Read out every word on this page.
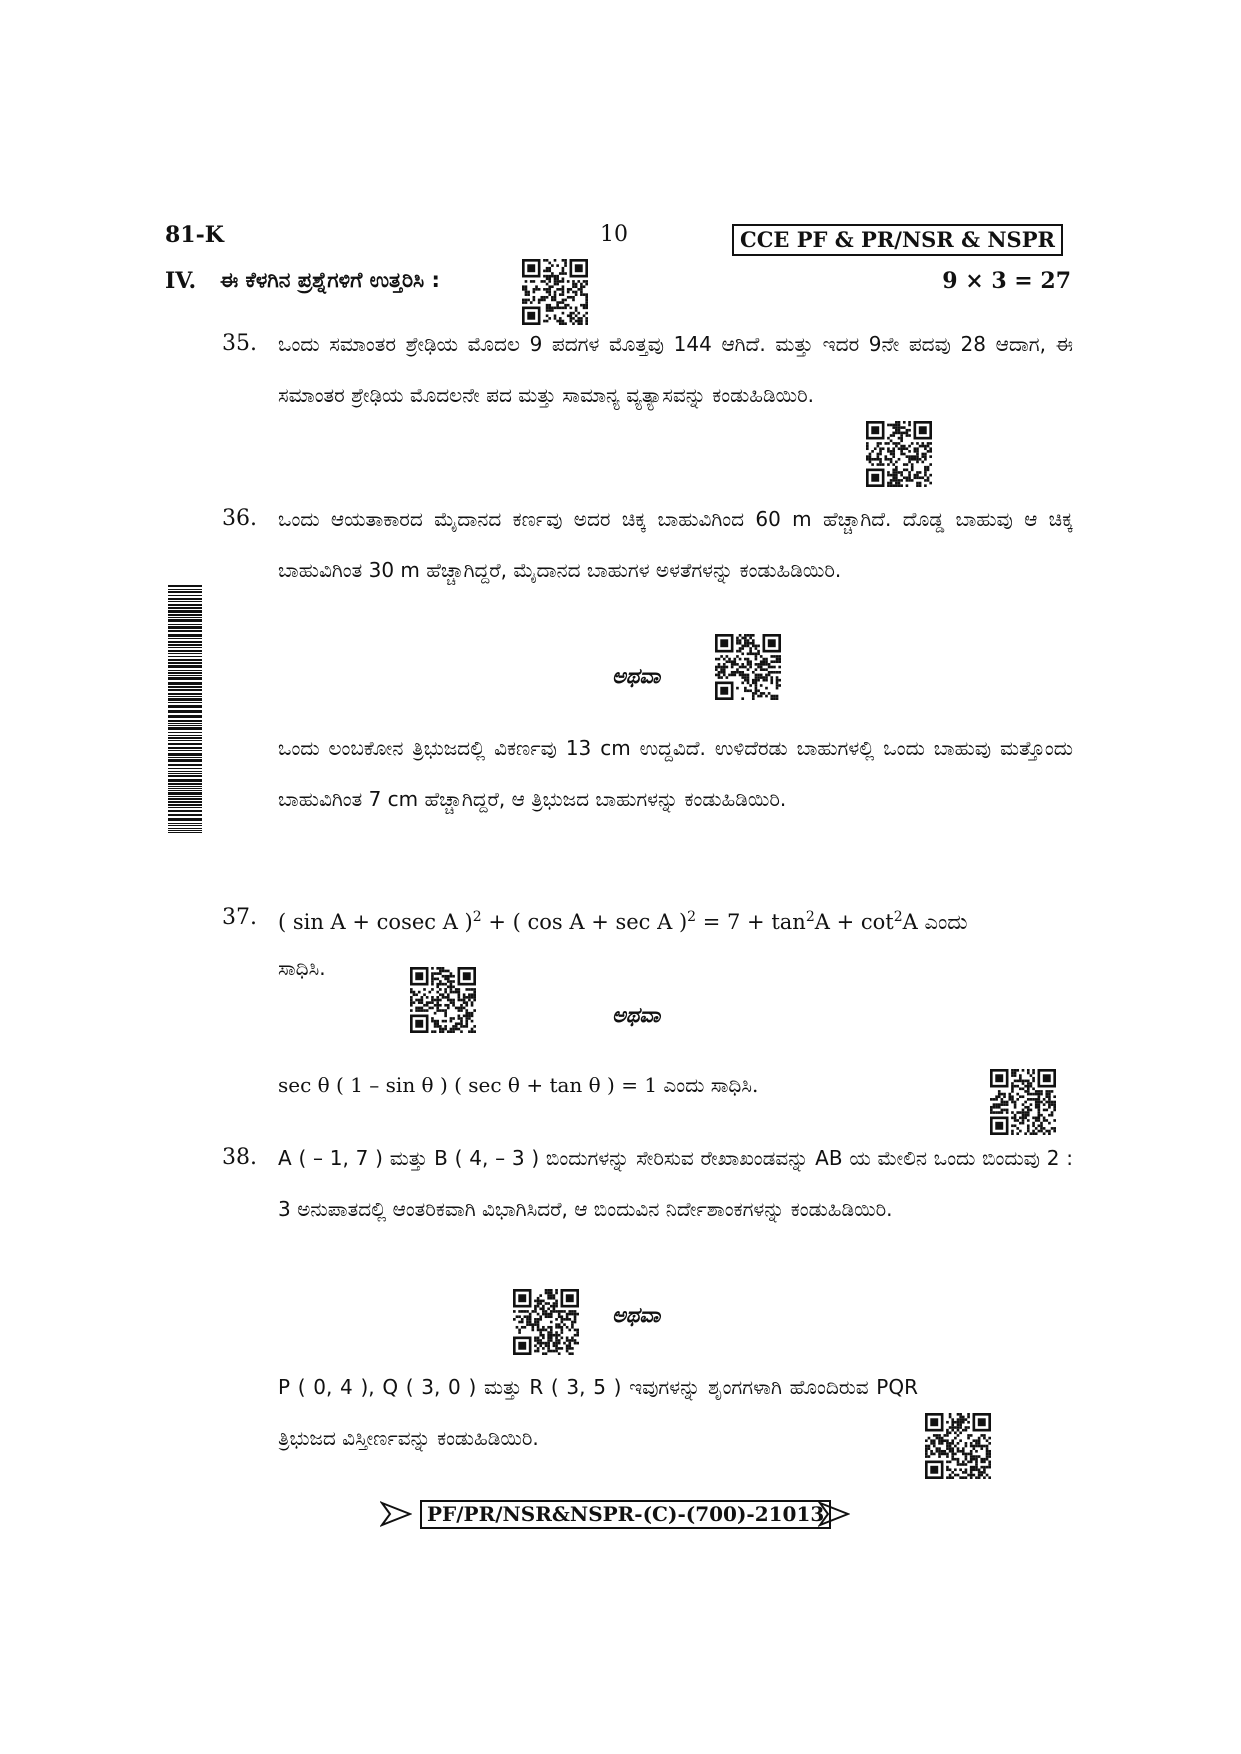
81-K	10	CCE PF & PR/NSR & NSPR
IV. ಈ ಕೆಳಗಿನ ಪ್ರಶ್ನೆಗಳಿಗೆ ಉತ್ತರಿಸಿ :	9 × 3 = 27
35. ಒಂದು ಸಮಾಂತರ ಶ್ರೇಢಿಯ ಮೊದಲ 9 ಪದಗಳ ಮೊತ್ತವು 144 ಆಗಿದೆ. ಮತ್ತು ಇದರ 9ನೇ ಪದವು 28 ಆದಾಗ, ಈ ಸಮಾಂತರ ಶ್ರೇಢಿಯ ಮೊದಲನೇ ಪದ ಮತ್ತು ಸಾಮಾನ್ಯ ವ್ಯತ್ಯಾಸವನ್ನು ಕಂಡುಹಿಡಿಯಿರಿ.
36. ಒಂದು ಆಯತಾಕಾರದ ಮೈದಾನದ ಕರ್ಣವು ಅದರ ಚಿಕ್ಕ ಬಾಹುವಿಗಿಂದ 60 m ಹೆಚ್ಚಾಗಿದೆ. ದೊಡ್ಡ ಬಾಹುವು ಆ ಚಿಕ್ಕ ಬಾಹುವಿಗಿಂತ 30 m ಹೆಚ್ಚಾಗಿದ್ದರೆ, ಮೈದಾನದ ಬಾಹುಗಳ ಅಳತೆಗಳನ್ನು ಕಂಡುಹಿಡಿಯಿರಿ.
ಅಥವಾ
ಒಂದು ಲಂಬಕೋನ ತ್ರಿಭುಜದಲ್ಲಿ ವಿಕರ್ಣವು 13 cm ಉದ್ದವಿದೆ. ಉಳಿದೆರಡು ಬಾಹುಗಳಲ್ಲಿ ಒಂದು ಬಾಹುವು ಮತ್ತೊಂದು ಬಾಹುವಿಗಿಂತ 7 cm ಹೆಚ್ಚಾಗಿದ್ದರೆ, ಆ ತ್ರಿಭುಜದ ಬಾಹುಗಳನ್ನು ಕಂಡುಹಿಡಿಯಿರಿ.
37. ( sin A + cosec A )$^2$ + ( cos A + sec A )$^2 = 7 + \tan^2A + \cot^2A$ ಎಂದು
ಸಾಧಿಸಿ.
ಅಥವಾ
sec θ ( 1 – sin θ ) ( sec θ + tan θ ) = 1 ಎಂದು ಸಾಧಿಸಿ.
38. A ( – 1, 7 ) ಮತ್ತು B ( 4, – 3 ) ಬಿಂದುಗಳನ್ನು ಸೇರಿಸುವ ರೇಖಾಖಂಡವನ್ನು AB ಯ ಮೇಲಿನ ಒಂದು ಬಿಂದುವು 2 : 3 ಅನುಪಾತದಲ್ಲಿ ಆಂತರಿಕವಾಗಿ ವಿಭಾಗಿಸಿದರೆ, ಆ ಬಿಂದುವಿನ ನಿರ್ದೇಶಾಂಕಗಳನ್ನು ಕಂಡುಹಿಡಿಯಿರಿ.
ಅಥವಾ
P ( 0, 4 ), Q ( 3, 0 ) ಮತ್ತು R ( 3, 5 ) ಇವುಗಳನ್ನು ಶೃಂಗಗಳಾಗಿ ಹೊಂದಿರುವ PQR ತ್ರಿಭುಜದ ವಿಸ್ತೀರ್ಣವನ್ನು ಕಂಡುಹಿಡಿಯಿರಿ.
PF/PR/NSR&NSPR-(C)-(700)-21013
